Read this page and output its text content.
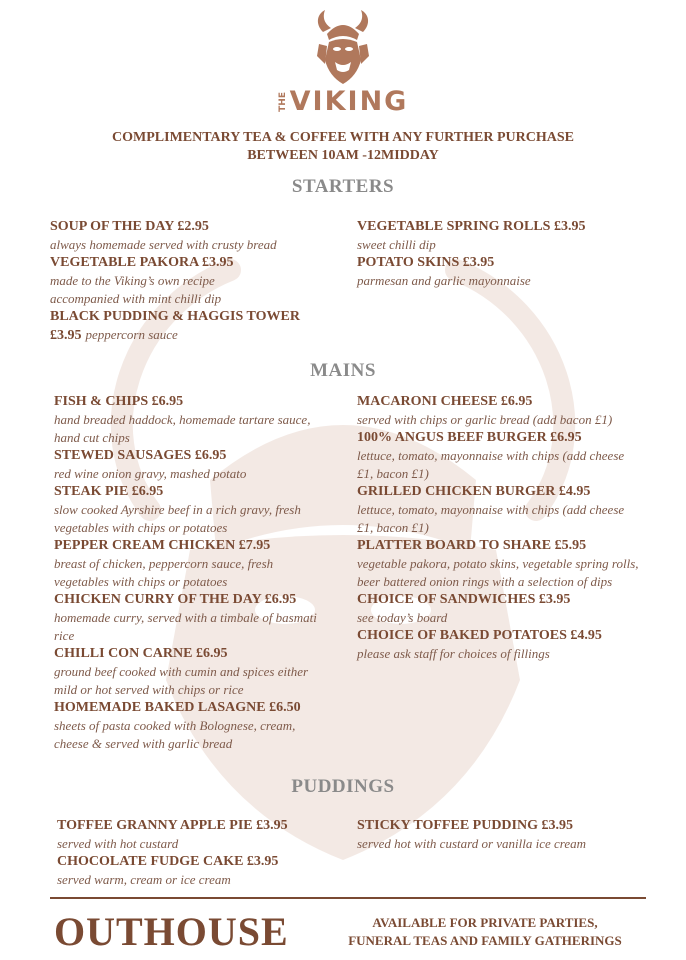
THEVIKING
COMPLIMENTARY TEA & COFFEE WITH ANY FURTHER PURCHASE
BETWEEN 10AM -12MIDDAY
STARTERS
SOUP OF THE DAY £2.95
always homemade served with crusty bread
VEGETABLE PAKORA £3.95
made to the Viking’s own recipe accompanied with mint chilli dip
BLACK PUDDING & HAGGIS TOWER
£3.95 peppercorn sauce
VEGETABLE SPRING ROLLS £3.95
sweet chilli dip
POTATO SKINS £3.95
parmesan and garlic mayonnaise
MAINS
FISH & CHIPS £6.95
hand breaded haddock, homemade tartare sauce, hand cut chips
STEWED SAUSAGES £6.95
red wine onion gravy, mashed potato
STEAK PIE £6.95
slow cooked Ayrshire beef in a rich gravy, fresh vegetables with chips or potatoes
PEPPER CREAM CHICKEN £7.95
breast of chicken, peppercorn sauce, fresh vegetables with chips or potatoes
CHICKEN CURRY OF THE DAY £6.95
homemade curry, served with a timbale of basmati rice
CHILLI CON CARNE £6.95
ground beef cooked with cumin and spices either mild or hot served with chips or rice
HOMEMADE BAKED LASAGNE £6.50
sheets of pasta cooked with Bolognese, cream, cheese & served with garlic bread
MACARONI CHEESE £6.95
served with chips or garlic bread (add bacon £1)
100% ANGUS BEEF BURGER £6.95
lettuce, tomato, mayonnaise with chips (add cheese £1, bacon £1)
GRILLED CHICKEN BURGER £4.95
lettuce, tomato, mayonnaise with chips (add cheese £1, bacon £1)
PLATTER BOARD TO SHARE £5.95
vegetable pakora, potato skins, vegetable spring rolls, beer battered onion rings with a selection of dips
CHOICE OF SANDWICHES £3.95
see today’s board
CHOICE OF BAKED POTATOES £4.95
please ask staff for choices of fillings
PUDDINGS
TOFFEE GRANNY APPLE PIE £3.95
served with hot custard
CHOCOLATE FUDGE CAKE £3.95
served warm, cream or ice cream
STICKY TOFFEE PUDDING £3.95
served hot with custard or vanilla ice cream
OUTHOUSE	AVAILABLE FOR PRIVATE PARTIES,
FUNERAL TEAS AND FAMILY GATHERINGS
